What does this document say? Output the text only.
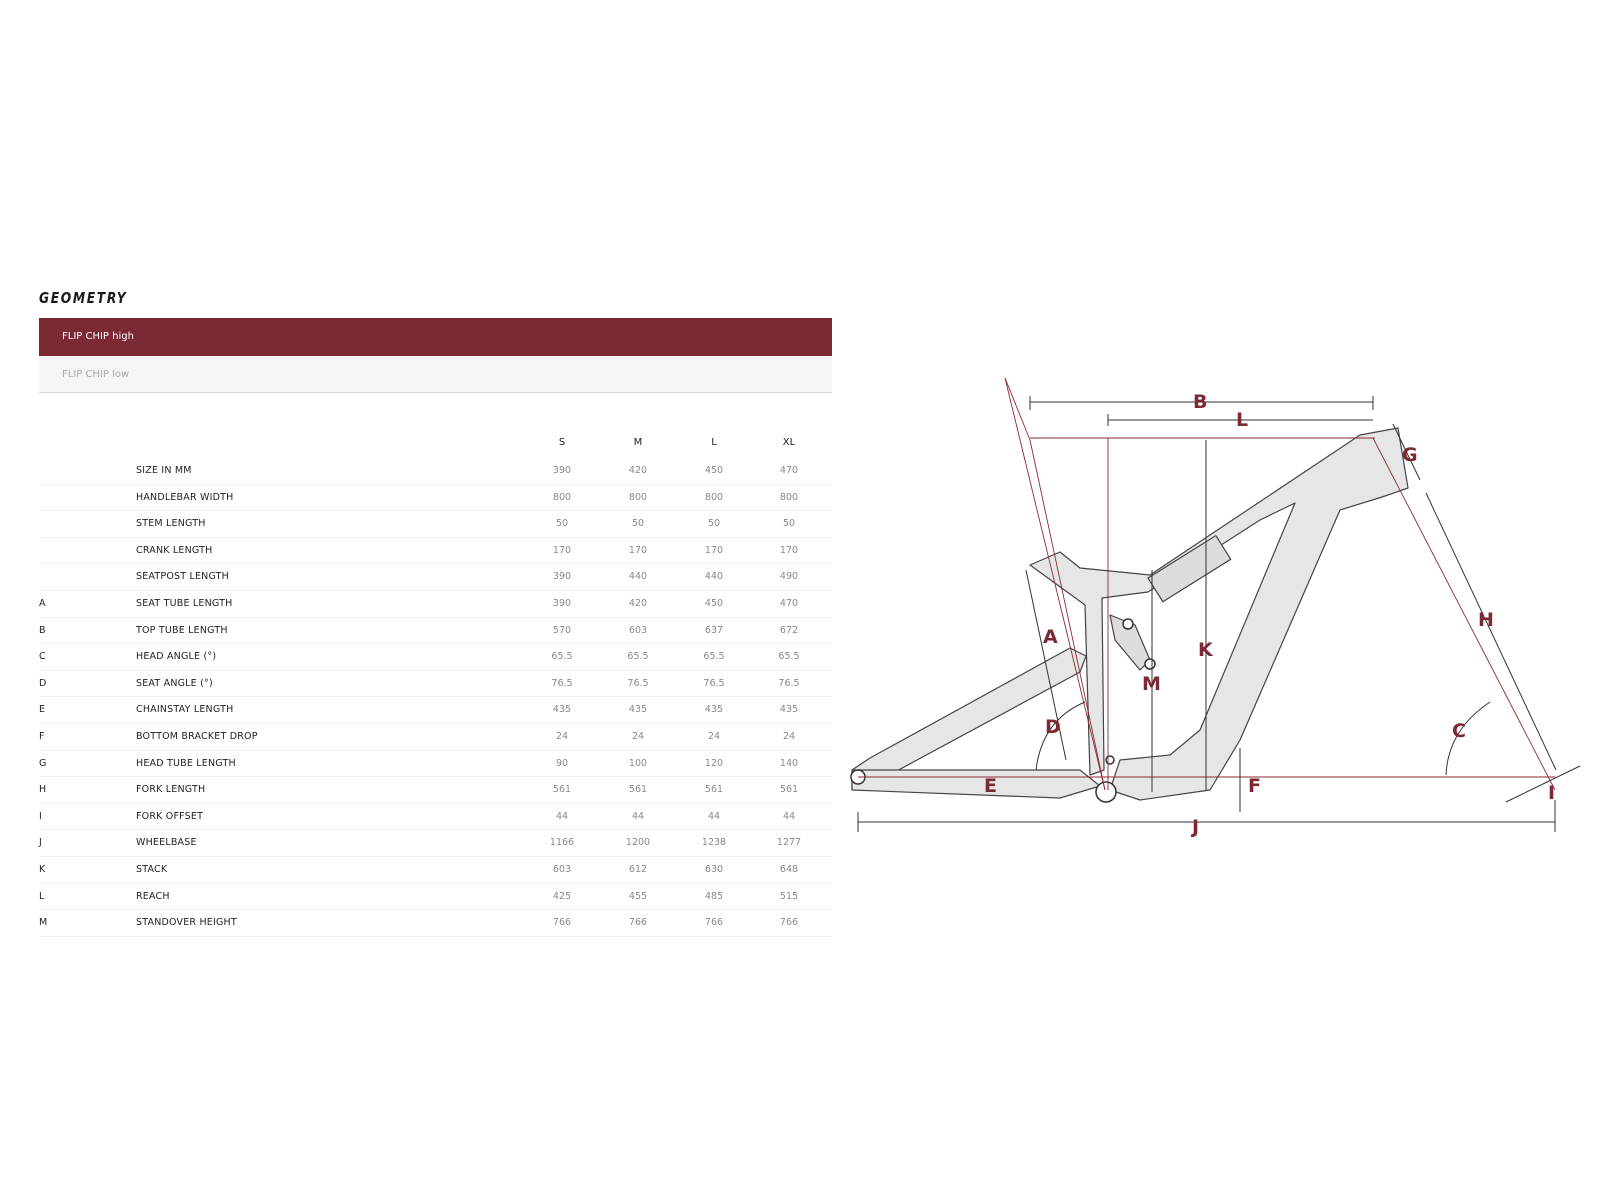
GEOMETRY
FLIP CHIP high
FLIP CHIP low
S	M	L	XL
SIZE IN MM	390	420	450	470
HANDLEBAR WIDTH	800	800	800	800
STEM LENGTH	50	50	50	50
CRANK LENGTH	170	170	170	170
SEATPOST LENGTH	390	440	440	490
A	SEAT TUBE LENGTH	390	420	450	470
B	TOP TUBE LENGTH	570	603	637	672
C	HEAD ANGLE (°)	65.5	65.5	65.5	65.5
D	SEAT ANGLE (°)	76.5	76.5	76.5	76.5
E	CHAINSTAY LENGTH	435	435	435	435
F	BOTTOM BRACKET DROP	24	24	24	24
G	HEAD TUBE LENGTH	90	100	120	140
H	FORK LENGTH	561	561	561	561
I	FORK OFFSET	44	44	44	44
J	WHEELBASE	1166	1200	1238	1277
K	STACK	603	612	630	648
L	REACH	425	455	485	515
M	STANDOVER HEIGHT	766	766	766	766
A
B
C
D
E	F
G
H
I
J
K
L
M
